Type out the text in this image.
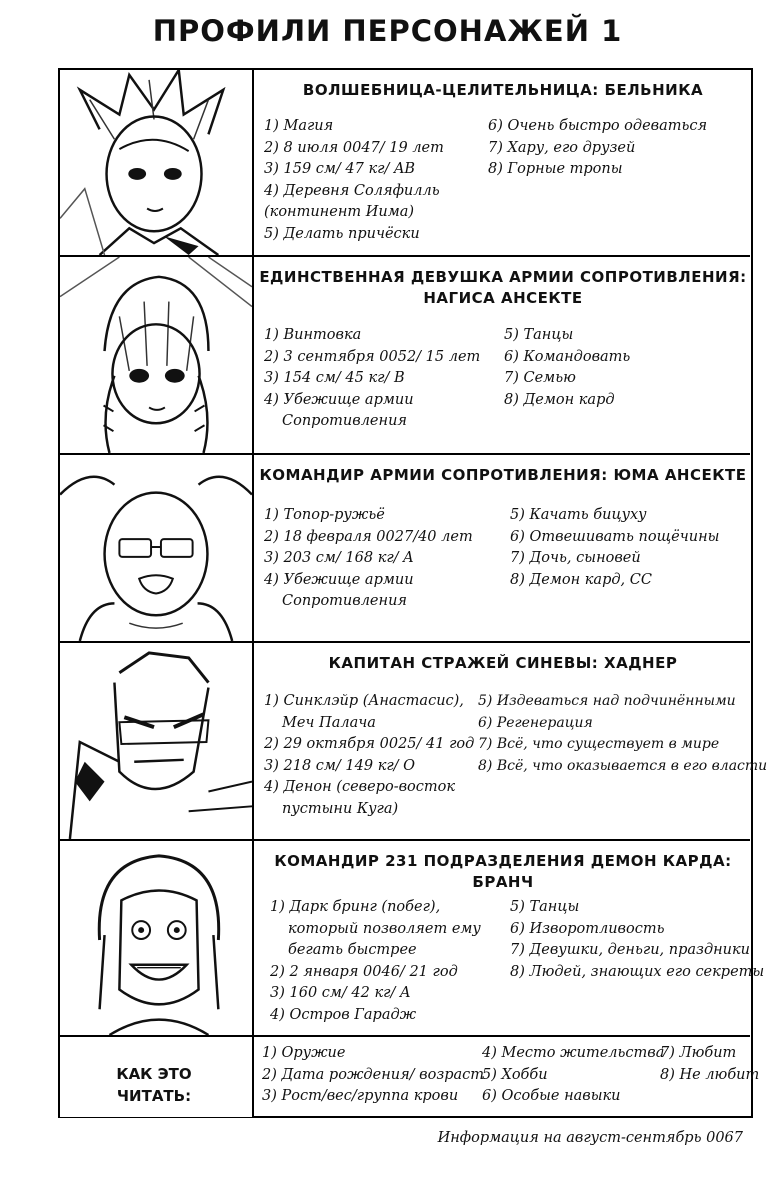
ПРОФИЛИ ПЕРСОНАЖЕЙ 1
ВОЛШЕБНИЦА-ЦЕЛИТЕЛЬНИЦА: БЕЛЬНИКА
1) Магия
2) 8 июля 0047/ 19 лет
3) 159 см/ 47 кг/ AB
4) Деревня Соляфилль
(континент Иима)
5) Делать причёски
6) Очень быстро одеваться
7) Хару, его друзей
8) Горные тропы
ЕДИНСТВЕННАЯ ДЕВУШКА АРМИИ СОПРОТИВЛЕНИЯ:
НАГИСА АНСЕКТЕ
1) Винтовка
2) 3 сентября 0052/ 15 лет
3) 154 см/ 45 кг/ B
4) Убежище армии
Сопротивления
5) Танцы
6) Командовать
7) Семью
8) Демон кард
КОМАНДИР АРМИИ СОПРОТИВЛЕНИЯ: ЮМА АНСЕКТЕ
1) Топор-ружьё
2) 18 февраля 0027/40 лет
3) 203 см/ 168 кг/ A
4) Убежище армии
Сопротивления
5) Качать бицуху
6) Отвешивать пощёчины
7) Дочь, сыновей
8) Демон кард, CC
КАПИТАН СТРАЖЕЙ СИНЕВЫ: ХАДНЕР
1) Синклэйр (Анастасис),
Меч Палача
2) 29 октября 0025/ 41 год
3) 218 см/ 149 кг/ O
4) Денон (северо-восток
пустыни Куга)
5) Издеваться над подчинёнными
6) Регенерация
7) Всё, что существует в мире
8) Всё, что оказывается в его власти
КОМАНДИР 231 ПОДРАЗДЕЛЕНИЯ ДЕМОН КАРДА:
БРАНЧ
1) Дарк бринг (побег),
который позволяет ему
бегать быстрее
2) 2 января 0046/ 21 год
3) 160 см/ 42 кг/ A
4) Остров Гарадж
5) Танцы
6) Изворотливость
7) Девушки, деньги, праздники
8) Людей, знающих его секреты
КАК ЭТО
ЧИТАТЬ:
1) Оружие
2) Дата рождения/ возраст
3) Рост/вес/группа крови
4) Место жительства
5) Хобби
6) Особые навыки
7) Любит
8) Не любит
Информация на август-сентябрь 0067
